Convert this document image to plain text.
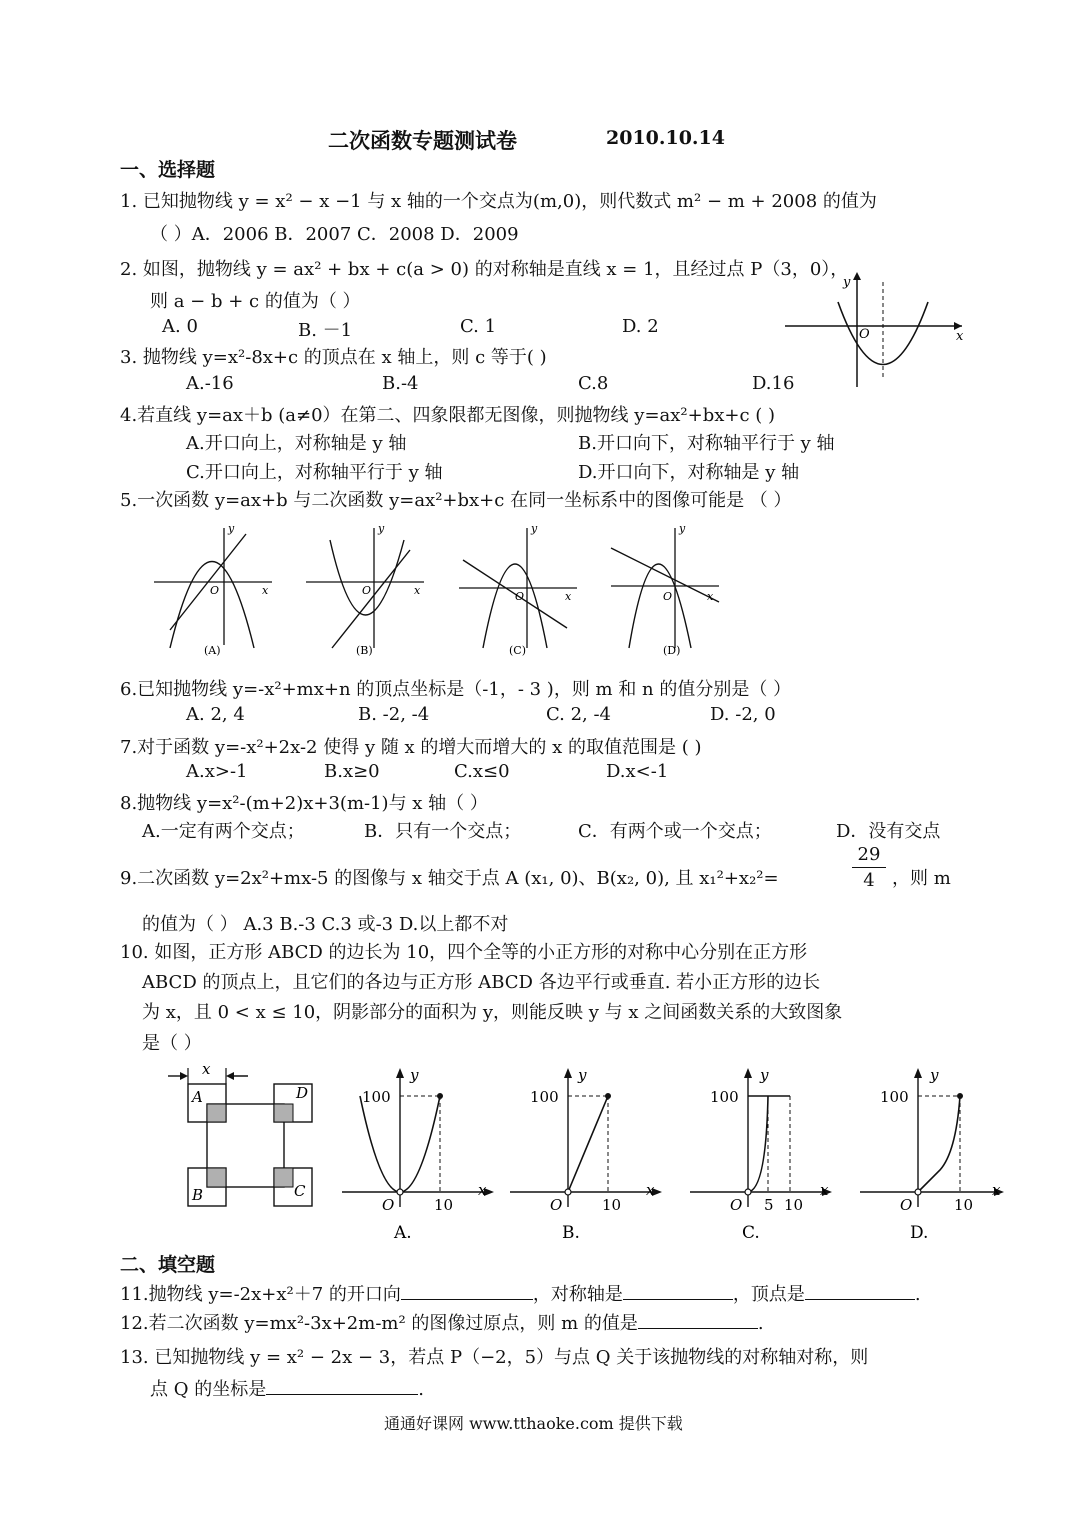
二次函数专题测试卷	2010.10.14
一、选择题
1. 已知抛物线 y = x² − x −1 与 x 轴的一个交点为(m,0)，则代数式 m² − m + 2008 的值为
（ ）A．2006 B．2007 C．2008 D．2009
2. 如图，抛物线 y = ax² + bx + c(a > 0) 的对称轴是直线 x = 1，且经过点 P（3，0），
则 a − b + c 的值为（ ）
A. 0	B. －1	C. 1	D. 2
y
x
O
3. 抛物线 y=x²-8x+c 的顶点在 x 轴上，则 c 等于( )
A.-16	B.-4	C.8	D.16
4.若直线 y=ax＋b (a≠0）在第二、四象限都无图像，则抛物线 y=ax²+bx+c ( )
A.开口向上，对称轴是 y 轴	B.开口向下，对称轴平行于 y 轴
C.开口向上，对称轴平行于 y 轴	D.开口向下，对称轴是 y 轴
5.一次函数 y=ax+b 与二次函数 y=ax²+bx+c 在同一坐标系中的图像可能是 （ ）
y
x
O
(A)
y
x
O
(B)
y
x
O
(C)
y
x
O
(D)
6.已知抛物线 y=-x²+mx+n 的顶点坐标是（-1，- 3 )，则 m 和 n 的值分别是（ ）
A. 2, 4	B. -2, -4	C. 2, -4	D. -2, 0
7.对于函数 y=-x²+2x-2 使得 y 随 x 的增大而增大的 x 的取值范围是 ( )
A.x>-1	B.x≥0	C.x≤0	D.x<-1
8.抛物线 y=x²-(m+2)x+3(m-1)与 x 轴（ ）
A.一定有两个交点；	B．只有一个交点；	C．有两个或一个交点；	D．没有交点
9.二次函数 y=2x²+mx-5 的图像与 x 轴交于点 A (x₁, 0)、B(x₂, 0), 且 x₁²+x₂²=	$\frac{29}{4}$ ，则 m
的值为（ ） A.3 B.-3 C.3 或-3 D.以上都不对
10. 如图，正方形 ABCD 的边长为 10，四个全等的小正方形的对称中心分别在正方形
ABCD 的顶点上，且它们的各边与正方形 ABCD 各边平行或垂直. 若小正方形的边长
为 x，且 0 < x ≤ 10，阴影部分的面积为 y，则能反映 y 与 x 之间函数关系的大致图象
是（ ）
x
A	D
B	C
100
y
x
O	10
A.
100
y
x
O	10
B.
100
y
x
O 5 10
C.
100
y
x
O	10
D.
二、填空题
11.抛物线 y=-2x+x²＋7 的开口向	，对称轴是	，顶点是	.
12.若二次函数 y=mx²-3x+2m-m² 的图像过原点，则 m 的值是	.
13. 已知抛物线 y = x² − 2x − 3，若点 P（−2，5）与点 Q 关于该抛物线的对称轴对称，则
点 Q 的坐标是	.
通通好课网 www.tthaoke.com 提供下载
